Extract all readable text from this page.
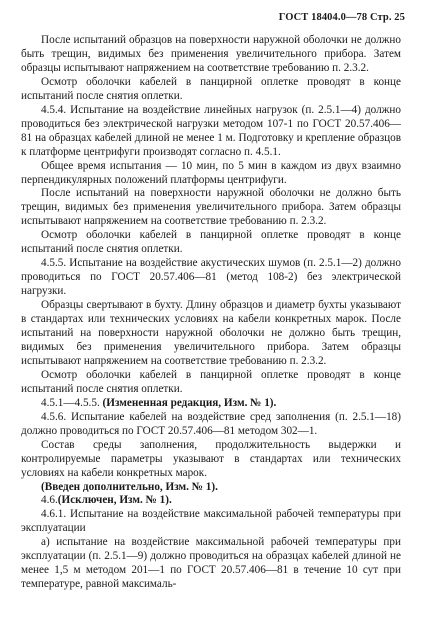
ГОСТ 18404.0—78 Стр. 25

После испытаний образцов на поверхности наружной оболочки не должно быть трещин, видимых без применения увеличительного прибора. Затем образцы испытывают напряжением на соответствие требованию п. 2.3.2.

Осмотр оболочки кабелей в панцирной оплетке проводят в конце испытаний после снятия оплетки.

4.5.4. Испытание на воздействие линейных нагрузок (п. 2.5.1—4) должно проводиться без электрической нагрузки методом 107-1 по ГОСТ 20.57.406—81 на образцах кабелей длиной не менее 1 м. Подготовку и крепление образцов к платформе центрифуги производят согласно п. 4.5.1.

Общее время испытания — 10 мин, по 5 мин в каждом из двух взаимно перпендикулярных положений платформы центрифуги.

После испытаний на поверхности наружной оболочки не должно быть трещин, видимых без применения увеличительного прибора. Затем образцы испытывают напряжением на соответствие требованию п. 2.3.2.

Осмотр оболочки кабелей в панцирной оплетке проводят в конце испытаний после снятия оплетки.

4.5.5. Испытание на воздействие акустических шумов (п. 2.5.1—2) должно проводиться по ГОСТ 20.57.406—81 (метод 108-2) без электрической нагрузки.

Образцы свертывают в бухту. Длину образцов и диаметр бухты указывают в стандартах или технических условиях на кабели конкретных марок. После испытаний на поверхности наружной оболочки не должно быть трещин, видимых без применения увеличительного прибора. Затем образцы испытывают напряжением на соответствие требованию п. 2.3.2.

Осмотр оболочки кабелей в панцирной оплетке проводят в конце испытаний после снятия оплетки.

4.5.1—4.5.5. (Измененная редакция, Изм. № 1).

4.5.6. Испытание кабелей на воздействие сред заполнения (п. 2.5.1—18) должно проводиться по ГОСТ 20.57.406—81 методом 302—1.

Состав среды заполнения, продолжительность выдержки и контролируемые параметры указывают в стандартах или технических условиях на кабели конкретных марок.

(Введен дополнительно, Изм. № 1).

4.6.(Исключен, Изм. № 1).

4.6.1. Испытание на воздействие максимальной рабочей температуры при эксплуатации

а) испытание на воздействие максимальной рабочей температуры при эксплуатации (п. 2.5.1—9) должно проводиться на образцах кабелей длиной не менее 1,5 м методом 201—1 по ГОСТ 20.57.406—81 в течение 10 сут при температуре, равной максималь-
